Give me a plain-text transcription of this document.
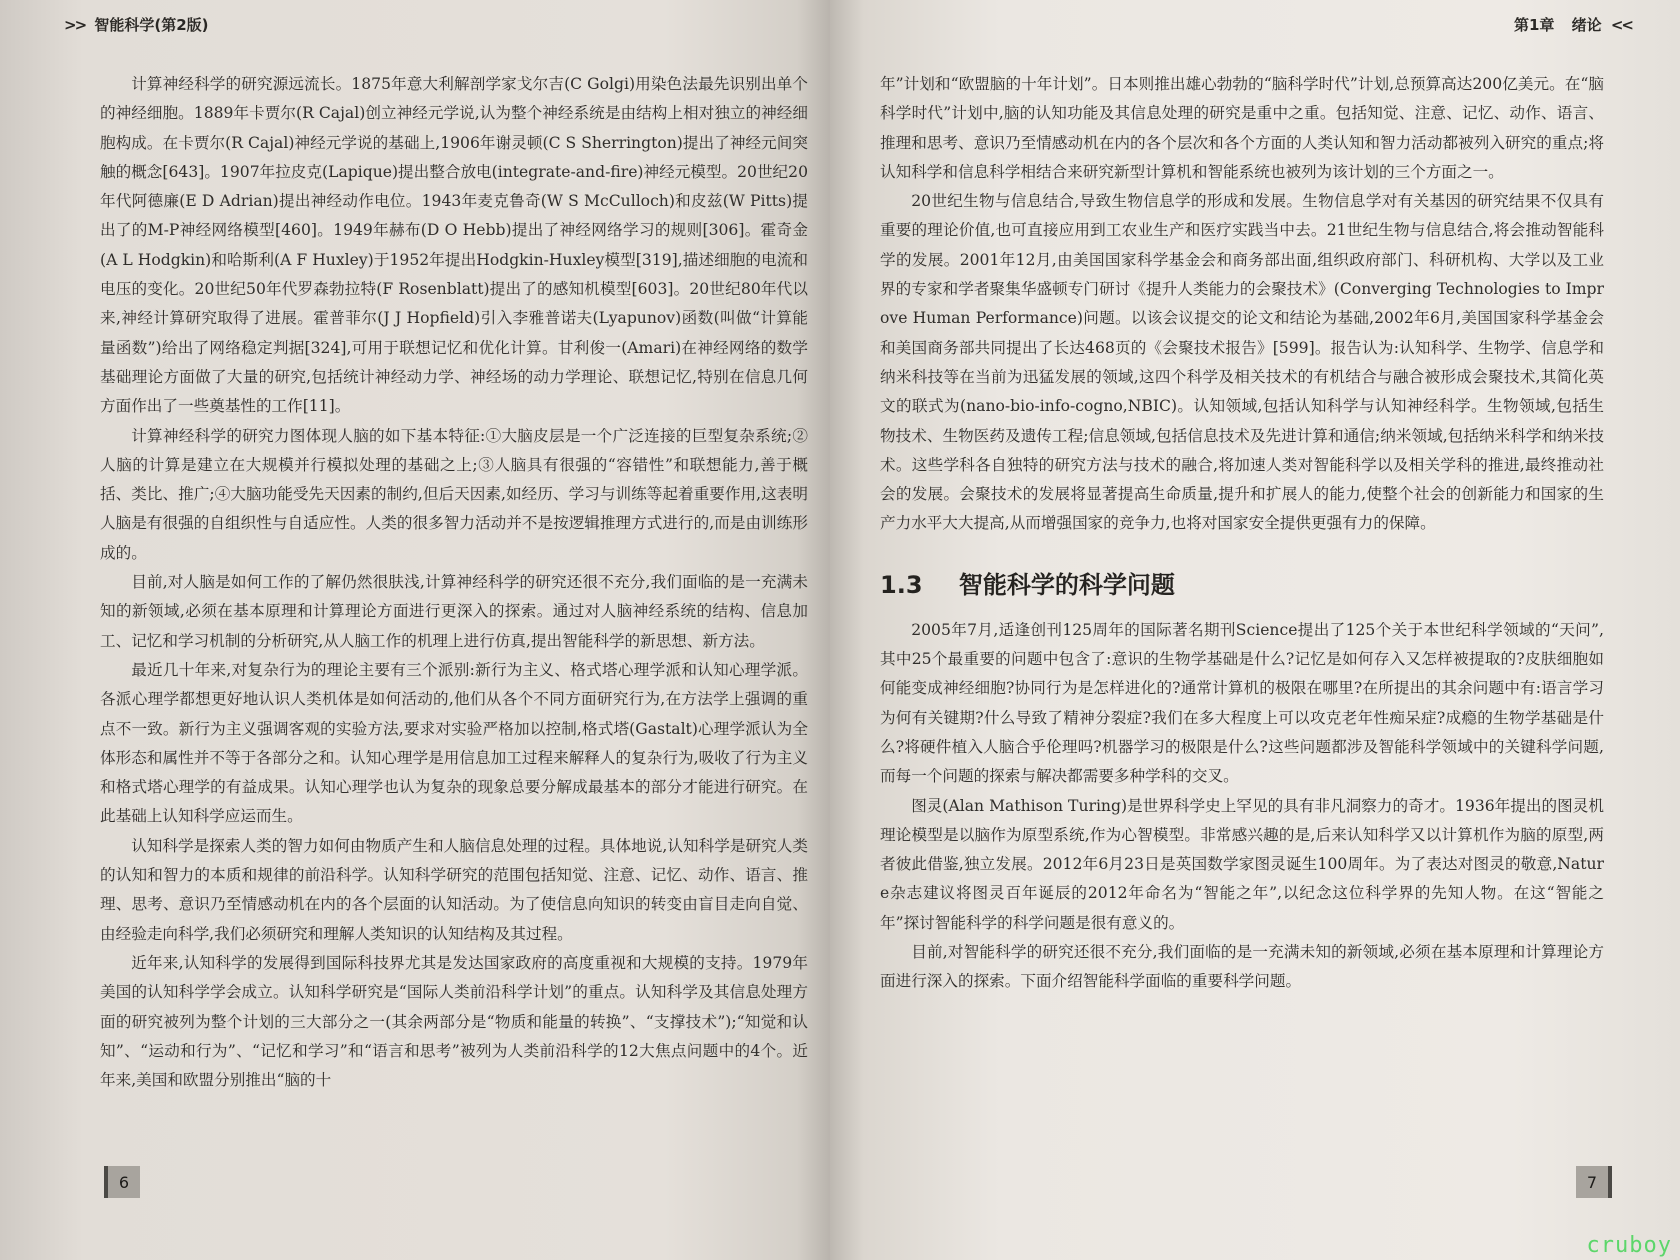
>> 智能科学(第2版)

计算神经科学的研究源远流长。1875年意大利解剖学家戈尔吉(C Golgi)用染色法最先识别出单个的神经细胞。1889年卡贾尔(R Cajal)创立神经元学说,认为整个神经系统是由结构上相对独立的神经细胞构成。在卡贾尔(R Cajal)神经元学说的基础上,1906年谢灵顿(C S Sherrington)提出了神经元间突触的概念[643]。1907年拉皮克(Lapique)提出整合放电(integrate-and-fire)神经元模型。20世纪20年代阿德廉(E D Adrian)提出神经动作电位。1943年麦克鲁奇(W S McCulloch)和皮兹(W Pitts)提出了的M-P神经网络模型[460]。1949年赫布(D O Hebb)提出了神经网络学习的规则[306]。霍奇金(A L Hodgkin)和哈斯利(A F Huxley)于1952年提出Hodgkin-Huxley模型[319],描述细胞的电流和电压的变化。20世纪50年代罗森勃拉特(F Rosenblatt)提出了的感知机模型[603]。20世纪80年代以来,神经计算研究取得了进展。霍普菲尔(J J Hopfield)引入李雅普诺夫(Lyapunov)函数(叫做“计算能量函数”)给出了网络稳定判据[324],可用于联想记忆和优化计算。甘利俊一(Amari)在神经网络的数学基础理论方面做了大量的研究,包括统计神经动力学、神经场的动力学理论、联想记忆,特别在信息几何方面作出了一些奠基性的工作[11]。

计算神经科学的研究力图体现人脑的如下基本特征:①大脑皮层是一个广泛连接的巨型复杂系统;②人脑的计算是建立在大规模并行模拟处理的基础之上;③人脑具有很强的“容错性”和联想能力,善于概括、类比、推广;④大脑功能受先天因素的制约,但后天因素,如经历、学习与训练等起着重要作用,这表明人脑是有很强的自组织性与自适应性。人类的很多智力活动并不是按逻辑推理方式进行的,而是由训练形成的。

目前,对人脑是如何工作的了解仍然很肤浅,计算神经科学的研究还很不充分,我们面临的是一充满未知的新领域,必须在基本原理和计算理论方面进行更深入的探索。通过对人脑神经系统的结构、信息加工、记忆和学习机制的分析研究,从人脑工作的机理上进行仿真,提出智能科学的新思想、新方法。

最近几十年来,对复杂行为的理论主要有三个派别:新行为主义、格式塔心理学派和认知心理学派。各派心理学都想更好地认识人类机体是如何活动的,他们从各个不同方面研究行为,在方法学上强调的重点不一致。新行为主义强调客观的实验方法,要求对实验严格加以控制,格式塔(Gastalt)心理学派认为全体形态和属性并不等于各部分之和。认知心理学是用信息加工过程来解释人的复杂行为,吸收了行为主义和格式塔心理学的有益成果。认知心理学也认为复杂的现象总要分解成最基本的部分才能进行研究。在此基础上认知科学应运而生。

认知科学是探索人类的智力如何由物质产生和人脑信息处理的过程。具体地说,认知科学是研究人类的认知和智力的本质和规律的前沿科学。认知科学研究的范围包括知觉、注意、记忆、动作、语言、推理、思考、意识乃至情感动机在内的各个层面的认知活动。为了使信息向知识的转变由盲目走向自觉、由经验走向科学,我们必须研究和理解人类知识的认知结构及其过程。

近年来,认知科学的发展得到国际科技界尤其是发达国家政府的高度重视和大规模的支持。1979年美国的认知科学学会成立。认知科学研究是“国际人类前沿科学计划”的重点。认知科学及其信息处理方面的研究被列为整个计划的三大部分之一(其余两部分是“物质和能量的转换”、“支撑技术”);“知觉和认知”、“运动和行为”、“记忆和学习”和“语言和思考”被列为人类前沿科学的12大焦点问题中的4个。近年来,美国和欧盟分别推出“脑的十

6
第1章 绪论 <<

年”计划和“欧盟脑的十年计划”。日本则推出雄心勃勃的“脑科学时代”计划,总预算高达200亿美元。在“脑科学时代”计划中,脑的认知功能及其信息处理的研究是重中之重。包括知觉、注意、记忆、动作、语言、推理和思考、意识乃至情感动机在内的各个层次和各个方面的人类认知和智力活动都被列入研究的重点;将认知科学和信息科学相结合来研究新型计算机和智能系统也被列为该计划的三个方面之一。

20世纪生物与信息结合,导致生物信息学的形成和发展。生物信息学对有关基因的研究结果不仅具有重要的理论价值,也可直接应用到工农业生产和医疗实践当中去。21世纪生物与信息结合,将会推动智能科学的发展。2001年12月,由美国国家科学基金会和商务部出面,组织政府部门、科研机构、大学以及工业界的专家和学者聚集华盛顿专门研讨《提升人类能力的会聚技术》(Converging Technologies to Improve Human Performance)问题。以该会议提交的论文和结论为基础,2002年6月,美国国家科学基金会和美国商务部共同提出了长达468页的《会聚技术报告》[599]。报告认为:认知科学、生物学、信息学和纳米科技等在当前为迅猛发展的领域,这四个科学及相关技术的有机结合与融合被形成会聚技术,其简化英文的联式为(nano-bio-info-cogno,NBIC)。认知领域,包括认知科学与认知神经科学。生物领域,包括生物技术、生物医药及遗传工程;信息领域,包括信息技术及先进计算和通信;纳米领域,包括纳米科学和纳米技术。这些学科各自独特的研究方法与技术的融合,将加速人类对智能科学以及相关学科的推进,最终推动社会的发展。会聚技术的发展将显著提高生命质量,提升和扩展人的能力,使整个社会的创新能力和国家的生产力水平大大提高,从而增强国家的竞争力,也将对国家安全提供更强有力的保障。

1.3 智能科学的科学问题

2005年7月,适逢创刊125周年的国际著名期刊Science提出了125个关于本世纪科学领域的“天问”,其中25个最重要的问题中包含了:意识的生物学基础是什么?记忆是如何存入又怎样被提取的?皮肤细胞如何能变成神经细胞?协同行为是怎样进化的?通常计算机的极限在哪里?在所提出的其余问题中有:语言学习为何有关键期?什么导致了精神分裂症?我们在多大程度上可以攻克老年性痴呆症?成瘾的生物学基础是什么?将硬件植入人脑合乎伦理吗?机器学习的极限是什么?这些问题都涉及智能科学领域中的关键科学问题,而每一个问题的探索与解决都需要多种学科的交叉。

图灵(Alan Mathison Turing)是世界科学史上罕见的具有非凡洞察力的奇才。1936年提出的图灵机理论模型是以脑作为原型系统,作为心智模型。非常感兴趣的是,后来认知科学又以计算机作为脑的原型,两者彼此借鉴,独立发展。2012年6月23日是英国数学家图灵诞生100周年。为了表达对图灵的敬意,Nature杂志建议将图灵百年诞辰的2012年命名为“智能之年”,以纪念这位科学界的先知人物。在这“智能之年”探讨智能科学的科学问题是很有意义的。

目前,对智能科学的研究还很不充分,我们面临的是一充满未知的新领域,必须在基本原理和计算理论方面进行深入的探索。下面介绍智能科学面临的重要科学问题。

7
cruboy
